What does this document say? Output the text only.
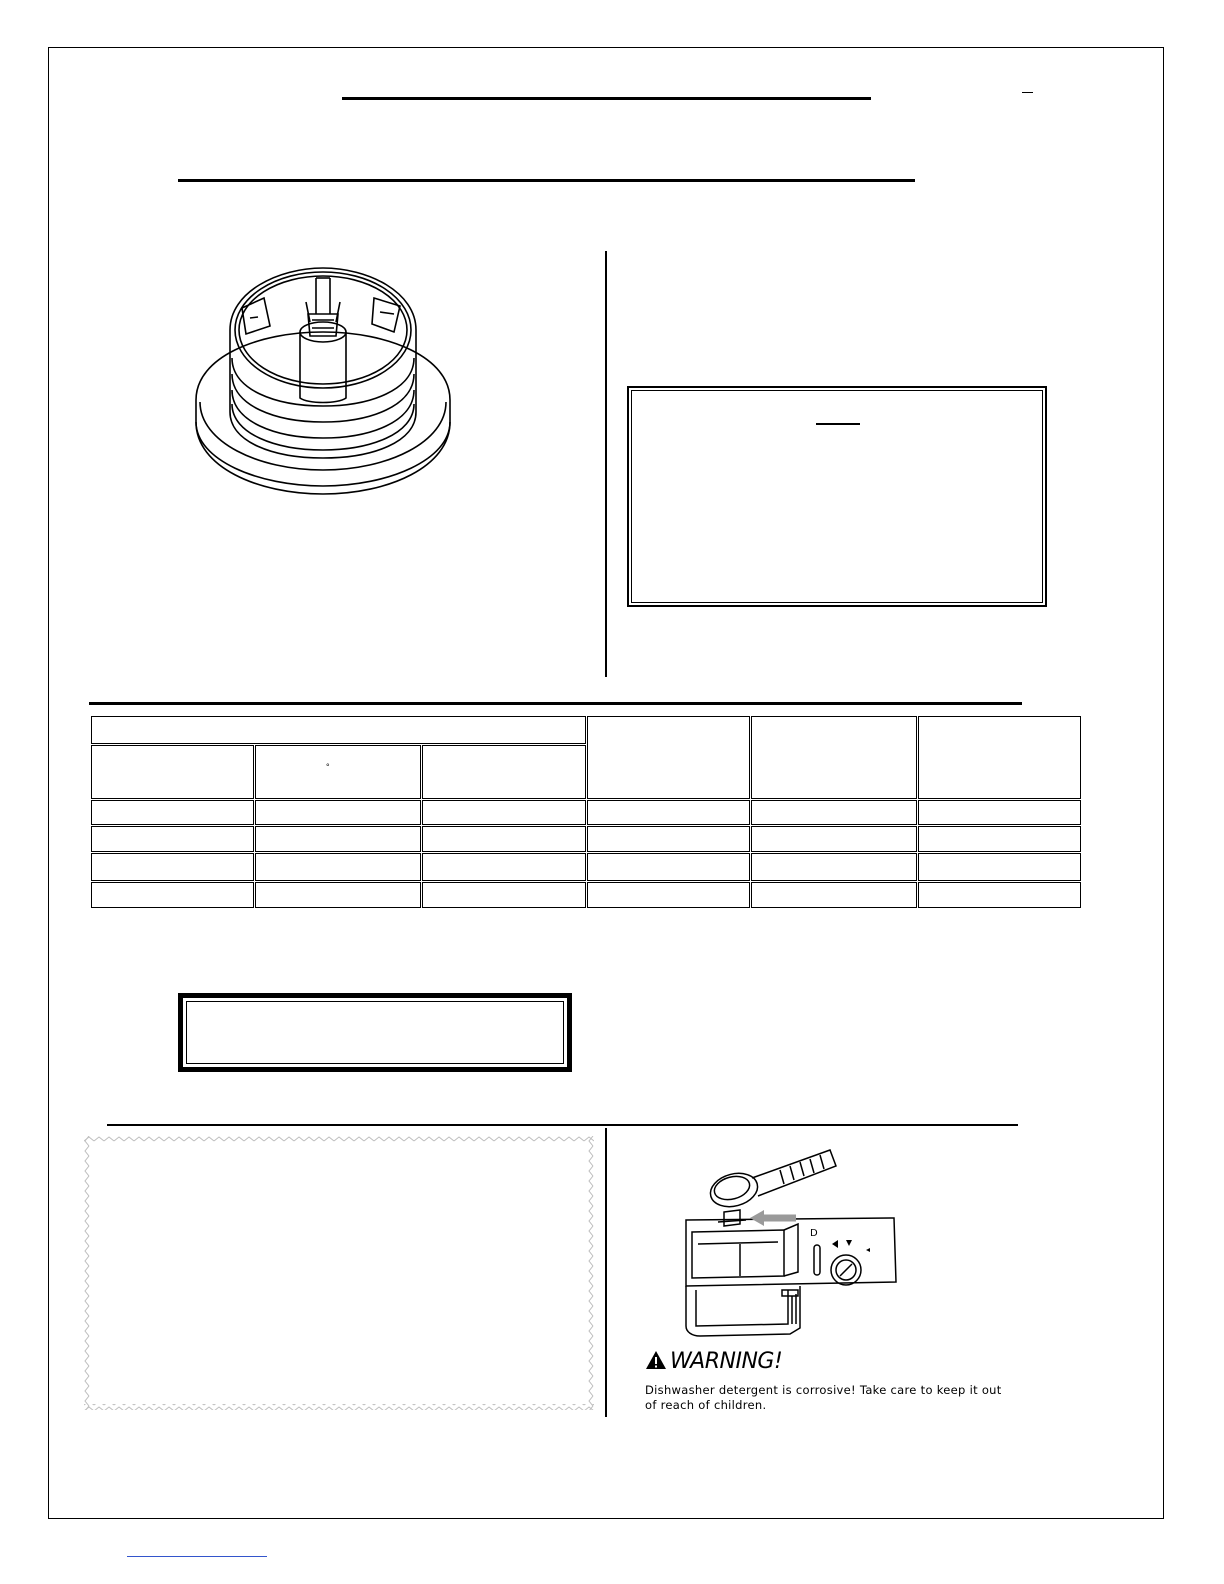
°
D
WARNING!
Dishwasher detergent is corrosive! Take care to keep it out of reach of children.
